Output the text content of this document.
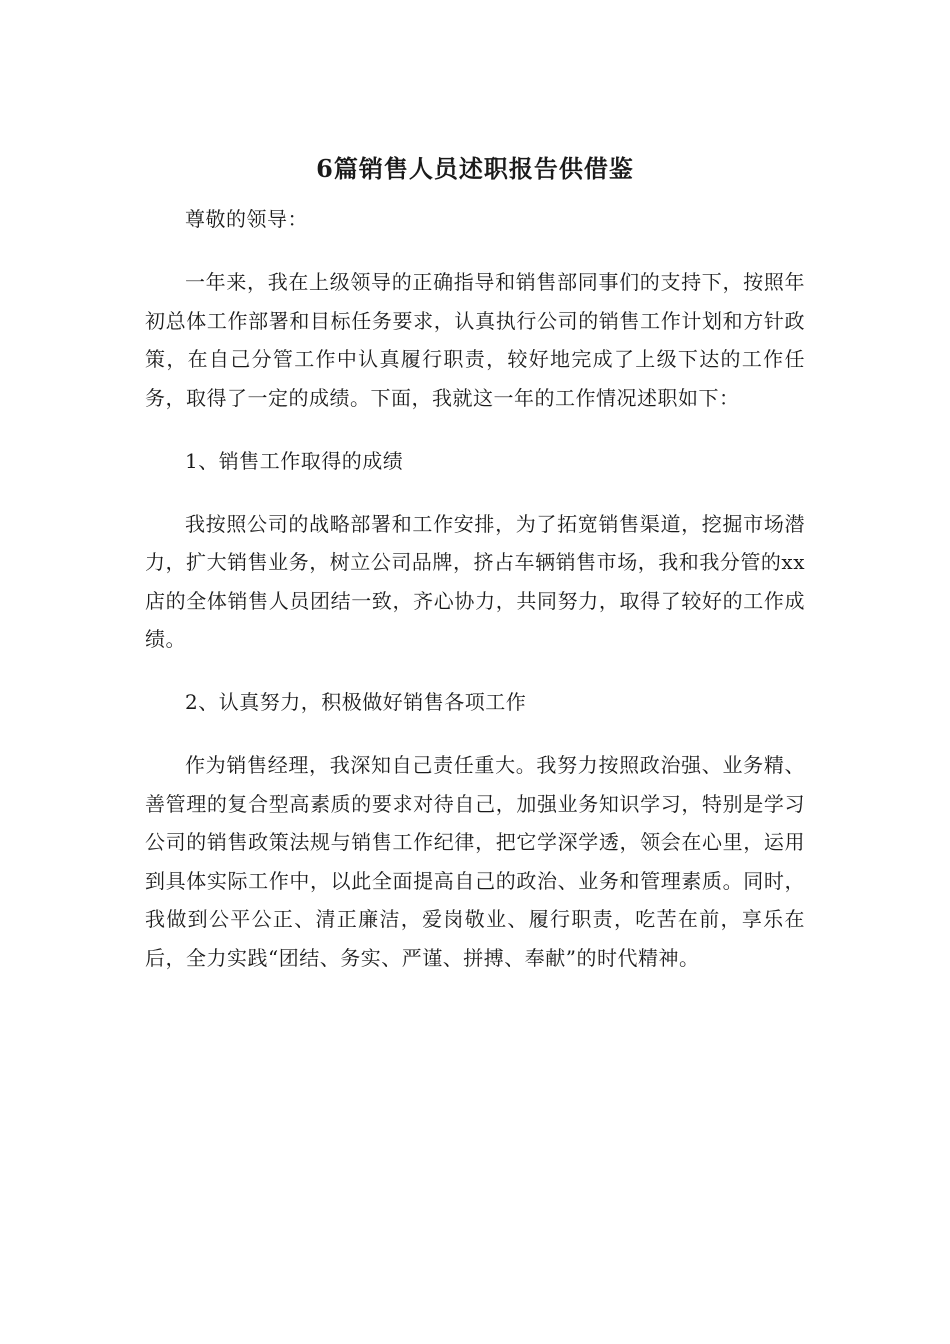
6篇销售人员述职报告供借鉴

尊敬的领导：

一年来，我在上级领导的正确指导和销售部同事们的支持下，按照年初总体工作部署和目标任务要求，认真执行公司的销售工作计划和方针政策，在自己分管工作中认真履行职责，较好地完成了上级下达的工作任务，取得了一定的成绩。下面，我就这一年的工作情况述职如下：

1、销售工作取得的成绩

我按照公司的战略部署和工作安排，为了拓宽销售渠道，挖掘市场潜力，扩大销售业务，树立公司品牌，挤占车辆销售市场，我和我分管的xx店的全体销售人员团结一致，齐心协力，共同努力，取得了较好的工作成绩。

2、认真努力，积极做好销售各项工作

作为销售经理，我深知自己责任重大。我努力按照政治强、业务精、善管理的复合型高素质的要求对待自己，加强业务知识学习，特别是学习公司的销售政策法规与销售工作纪律，把它学深学透，领会在心里，运用到具体实际工作中，以此全面提高自己的政治、业务和管理素质。同时，我做到公平公正、清正廉洁，爱岗敬业、履行职责，吃苦在前，享乐在后，全力实践“团结、务实、严谨、拼搏、奉献”的时代精神。
